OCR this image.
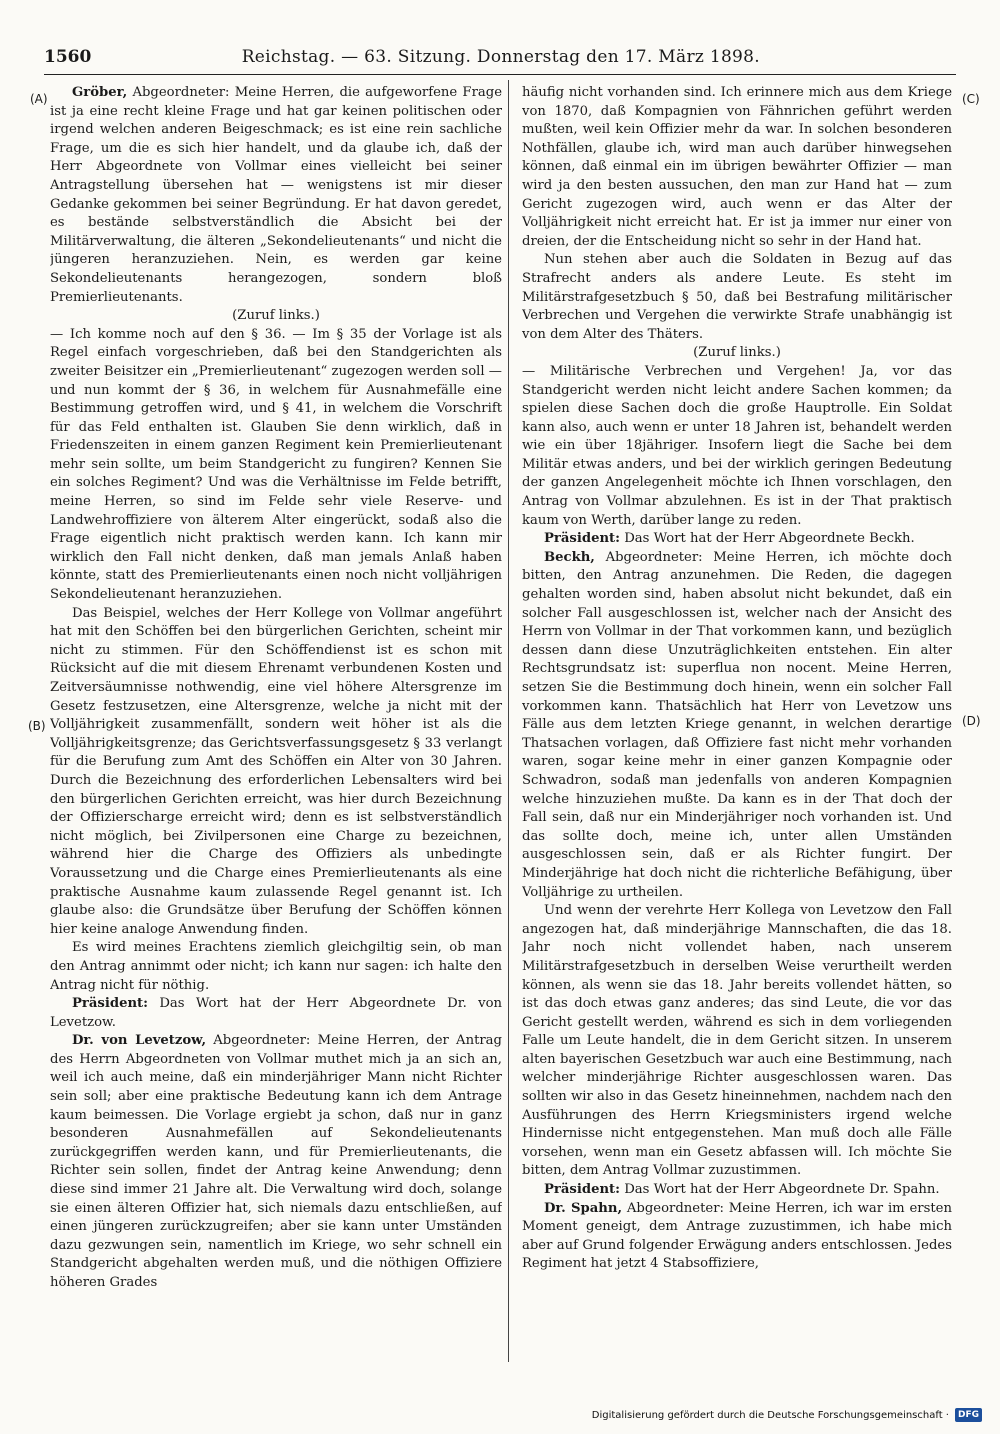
1560	Reichstag. — 63. Sitzung. Donnerstag den 17. März 1898.
(A)
(B)
(C)
(D)

Gröber, Abgeordneter: Meine Herren, die aufgeworfene Frage ist ja eine recht kleine Frage und hat gar keinen politischen oder irgend welchen anderen Beigeschmack; es ist eine rein sachliche Frage, um die es sich hier handelt, und da glaube ich, daß der Herr Abgeordnete von Vollmar eines vielleicht bei seiner Antragstellung übersehen hat — wenigstens ist mir dieser Gedanke gekommen bei seiner Begründung. Er hat davon geredet, es bestände selbstverständlich die Absicht bei der Militärverwaltung, die älteren „Sekondelieutenants“ und nicht die jüngeren heranzuziehen. Nein, es werden gar keine Sekondelieutenants herangezogen, sondern bloß Premierlieutenants.

(Zuruf links.)

— Ich komme noch auf den § 36. — Im § 35 der Vorlage ist als Regel einfach vorgeschrieben, daß bei den Standgerichten als zweiter Beisitzer ein „Premierlieutenant“ zugezogen werden soll — und nun kommt der § 36, in welchem für Ausnahmefälle eine Bestimmung getroffen wird, und § 41, in welchem die Vorschrift für das Feld enthalten ist. Glauben Sie denn wirklich, daß in Friedenszeiten in einem ganzen Regiment kein Premierlieutenant mehr sein sollte, um beim Standgericht zu fungiren? Kennen Sie ein solches Regiment? Und was die Verhältnisse im Felde betrifft, meine Herren, so sind im Felde sehr viele Reserve- und Landwehroffiziere von älterem Alter eingerückt, sodaß also die Frage eigentlich nicht praktisch werden kann. Ich kann mir wirklich den Fall nicht denken, daß man jemals Anlaß haben könnte, statt des Premierlieutenants einen noch nicht volljährigen Sekondelieutenant heranzuziehen.

Das Beispiel, welches der Herr Kollege von Vollmar angeführt hat mit den Schöffen bei den bürgerlichen Gerichten, scheint mir nicht zu stimmen. Für den Schöffendienst ist es schon mit Rücksicht auf die mit diesem Ehrenamt verbundenen Kosten und Zeitversäumnisse nothwendig, eine viel höhere Altersgrenze im Gesetz festzusetzen, eine Altersgrenze, welche ja nicht mit der Volljährigkeit zusammenfällt, sondern weit höher ist als die Volljährigkeitsgrenze; das Gerichtsverfassungsgesetz § 33 verlangt für die Berufung zum Amt des Schöffen ein Alter von 30 Jahren. Durch die Bezeichnung des erforderlichen Lebensalters wird bei den bürgerlichen Gerichten erreicht, was hier durch Bezeichnung der Offizierscharge erreicht wird; denn es ist selbstverständlich nicht möglich, bei Zivilpersonen eine Charge zu bezeichnen, während hier die Charge des Offiziers als unbedingte Voraussetzung und die Charge eines Premierlieutenants als eine praktische Ausnahme kaum zulassende Regel genannt ist. Ich glaube also: die Grundsätze über Berufung der Schöffen können hier keine analoge Anwendung finden.

Es wird meines Erachtens ziemlich gleichgiltig sein, ob man den Antrag annimmt oder nicht; ich kann nur sagen: ich halte den Antrag nicht für nöthig.

Präsident: Das Wort hat der Herr Abgeordnete Dr. von Levetzow.

Dr. von Levetzow, Abgeordneter: Meine Herren, der Antrag des Herrn Abgeordneten von Vollmar muthet mich ja an sich an, weil ich auch meine, daß ein minderjähriger Mann nicht Richter sein soll; aber eine praktische Bedeutung kann ich dem Antrage kaum beimessen. Die Vorlage ergiebt ja schon, daß nur in ganz besonderen Ausnahmefällen auf Sekondelieutenants zurückgegriffen werden kann, und für Premierlieutenants, die Richter sein sollen, findet der Antrag keine Anwendung; denn diese sind immer 21 Jahre alt. Die Verwaltung wird doch, solange sie einen älteren Offizier hat, sich niemals dazu entschließen, auf einen jüngeren zurückzugreifen; aber sie kann unter Umständen dazu gezwungen sein, namentlich im Kriege, wo sehr schnell ein Standgericht abgehalten werden muß, und die nöthigen Offiziere höheren Grades

häufig nicht vorhanden sind. Ich erinnere mich aus dem Kriege von 1870, daß Kompagnien von Fähnrichen geführt werden mußten, weil kein Offizier mehr da war. In solchen besonderen Nothfällen, glaube ich, wird man auch darüber hinwegsehen können, daß einmal ein im übrigen bewährter Offizier — man wird ja den besten aussuchen, den man zur Hand hat — zum Gericht zugezogen wird, auch wenn er das Alter der Volljährigkeit nicht erreicht hat. Er ist ja immer nur einer von dreien, der die Entscheidung nicht so sehr in der Hand hat.

Nun stehen aber auch die Soldaten in Bezug auf das Strafrecht anders als andere Leute. Es steht im Militärstrafgesetzbuch § 50, daß bei Bestrafung militärischer Verbrechen und Vergehen die verwirkte Strafe unabhängig ist von dem Alter des Thäters.

(Zuruf links.)

— Militärische Verbrechen und Vergehen! Ja, vor das Standgericht werden nicht leicht andere Sachen kommen; da spielen diese Sachen doch die große Hauptrolle. Ein Soldat kann also, auch wenn er unter 18 Jahren ist, behandelt werden wie ein über 18jähriger. Insofern liegt die Sache bei dem Militär etwas anders, und bei der wirklich geringen Bedeutung der ganzen Angelegenheit möchte ich Ihnen vorschlagen, den Antrag von Vollmar abzulehnen. Es ist in der That praktisch kaum von Werth, darüber lange zu reden.

Präsident: Das Wort hat der Herr Abgeordnete Beckh.

Beckh, Abgeordneter: Meine Herren, ich möchte doch bitten, den Antrag anzunehmen. Die Reden, die dagegen gehalten worden sind, haben absolut nicht bekundet, daß ein solcher Fall ausgeschlossen ist, welcher nach der Ansicht des Herrn von Vollmar in der That vorkommen kann, und bezüglich dessen dann diese Unzuträglichkeiten entstehen. Ein alter Rechtsgrundsatz ist: superflua non nocent. Meine Herren, setzen Sie die Bestimmung doch hinein, wenn ein solcher Fall vorkommen kann. Thatsächlich hat Herr von Levetzow uns Fälle aus dem letzten Kriege genannt, in welchen derartige Thatsachen vorlagen, daß Offiziere fast nicht mehr vorhanden waren, sogar keine mehr in einer ganzen Kompagnie oder Schwadron, sodaß man jedenfalls von anderen Kompagnien welche hinzuziehen mußte. Da kann es in der That doch der Fall sein, daß nur ein Minderjähriger noch vorhanden ist. Und das sollte doch, meine ich, unter allen Umständen ausgeschlossen sein, daß er als Richter fungirt. Der Minderjährige hat doch nicht die richterliche Befähigung, über Volljährige zu urtheilen.

Und wenn der verehrte Herr Kollega von Levetzow den Fall angezogen hat, daß minderjährige Mannschaften, die das 18. Jahr noch nicht vollendet haben, nach unserem Militärstrafgesetzbuch in derselben Weise verurtheilt werden können, als wenn sie das 18. Jahr bereits vollendet hätten, so ist das doch etwas ganz anderes; das sind Leute, die vor das Gericht gestellt werden, während es sich in dem vorliegenden Falle um Leute handelt, die in dem Gericht sitzen. In unserem alten bayerischen Gesetzbuch war auch eine Bestimmung, nach welcher minderjährige Richter ausgeschlossen waren. Das sollten wir also in das Gesetz hineinnehmen, nachdem nach den Ausführungen des Herrn Kriegsministers irgend welche Hindernisse nicht entgegenstehen. Man muß doch alle Fälle vorsehen, wenn man ein Gesetz abfassen will. Ich möchte Sie bitten, dem Antrag Vollmar zuzustimmen.

Präsident: Das Wort hat der Herr Abgeordnete Dr. Spahn.

Dr. Spahn, Abgeordneter: Meine Herren, ich war im ersten Moment geneigt, dem Antrage zuzustimmen, ich habe mich aber auf Grund folgender Erwägung anders entschlossen. Jedes Regiment hat jetzt 4 Stabsoffiziere,

Digitalisierung gefördert durch die Deutsche Forschungsgemeinschaft ·	DFG
